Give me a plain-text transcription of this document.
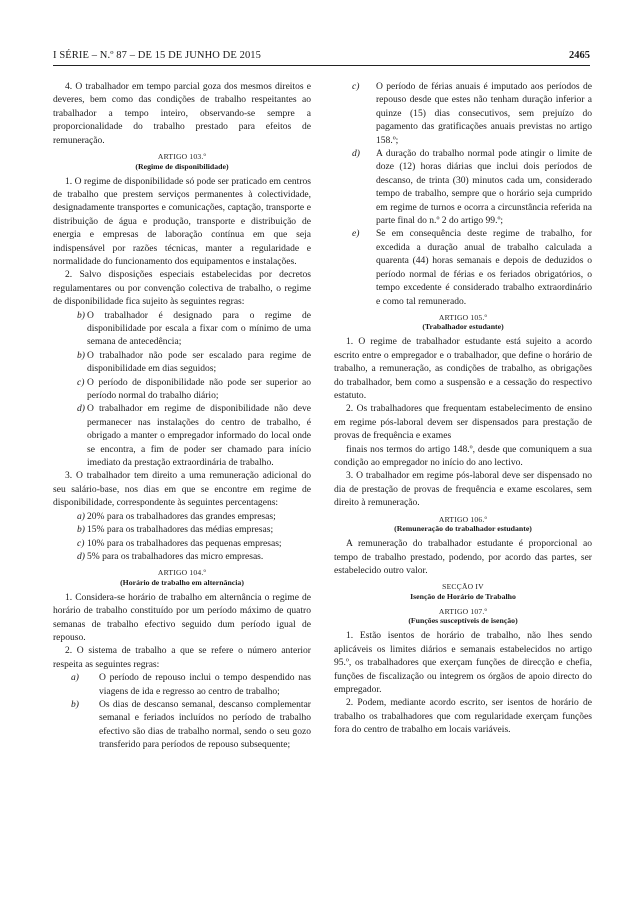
I SÉRIE – N.º 87 – DE 15 DE JUNHO DE 2015	2465

4. O trabalhador em tempo parcial goza dos mesmos direitos e deveres, bem como das condições de trabalho respeitantes ao trabalhador a tempo inteiro, observando-se sempre a proporcionalidade do trabalho prestado para efeitos de remuneração.

ARTIGO 103.º
(Regime de disponibilidade)

1. O regime de disponibilidade só pode ser praticado em centros de trabalho que prestem serviços permanentes à colectividade, designadamente transportes e comunicações, captação, transporte e distribuição de água e produção, transporte e distribuição de energia e empresas de laboração contínua em que seja indispensável por razões técnicas, manter a regularidade e normalidade do funcionamento dos equipamentos e instalações.

2. Salvo disposições especiais estabelecidas por decretos regulamentares ou por convenção colectiva de trabalho, o regime de disponibilidade fica sujeito às seguintes regras:

b) O trabalhador é designado para o regime de disponibilidade por escala a fixar com o mínimo de uma semana de antecedência;
b) O trabalhador não pode ser escalado para regime de disponibilidade em dias seguidos;
c) O período de disponibilidade não pode ser superior ao período normal do trabalho diário;
d) O trabalhador em regime de disponibilidade não deve permanecer nas instalações do centro de trabalho, é obrigado a manter o empregador informado do local onde se encontra, a fim de poder ser chamado para início imediato da prestação extraordinária de trabalho.

3. O trabalhador tem direito a uma remuneração adicional do seu salário-base, nos dias em que se encontre em regime de disponibilidade, correspondente às seguintes percentagens:

a) 20% para os trabalhadores das grandes empresas;
b) 15% para os trabalhadores das médias empresas;
c) 10% para os trabalhadores das pequenas empresas;
d) 5% para os trabalhadores das micro empresas.
ARTIGO 104.º
(Horário de trabalho em alternância)

1. Considera-se horário de trabalho em alternância o regime de horário de trabalho constituído por um período máximo de quatro semanas de trabalho efectivo seguido dum período igual de repouso.

2. O sistema de trabalho a que se refere o número anterior respeita as seguintes regras:

a) O período de repouso inclui o tempo despendido nas viagens de ida e regresso ao centro de trabalho;
b) Os dias de descanso semanal, descanso complementar semanal e feriados incluídos no período de trabalho efectivo são dias de trabalho normal, sendo o seu gozo transferido para períodos de repouso subsequente;
c) O período de férias anuais é imputado aos períodos de repouso desde que estes não tenham duração inferior a quinze (15) dias consecutivos, sem prejuízo do pagamento das gratificações anuais previstas no artigo 158.º;
d) A duração do trabalho normal pode atingir o limite de doze (12) horas diárias que inclui dois períodos de descanso, de trinta (30) minutos cada um, considerado tempo de trabalho, sempre que o horário seja cumprido em regime de turnos e ocorra a circunstância referida na parte final do n.º 2 do artigo 99.º;
e) Se em consequência deste regime de trabalho, for excedida a duração anual de trabalho calculada a quarenta (44) horas semanais e depois de deduzidos o período normal de férias e os feriados obrigatórios, o tempo excedente é considerado trabalho extraordinário e como tal remunerado.
ARTIGO 105.º
(Trabalhador estudante)

1. O regime de trabalhador estudante está sujeito a acordo escrito entre o empregador e o trabalhador, que define o horário de trabalho, a remuneração, as condições de trabalho, as obrigações do trabalhador, bem como a suspensão e a cessação do respectivo estatuto.

2. Os trabalhadores que frequentam estabelecimento de ensino em regime pós-laboral devem ser dispensados para prestação de provas de frequência e exames

finais nos termos do artigo 148.º, desde que comuniquem a sua condição ao empregador no início do ano lectivo.

3. O trabalhador em regime pós-laboral deve ser dispensado no dia de prestação de provas de frequência e exame escolares, sem direito à remuneração.

ARTIGO 106.º
(Remuneração do trabalhador estudante)

A remuneração do trabalhador estudante é proporcional ao tempo de trabalho prestado, podendo, por acordo das partes, ser estabelecido outro valor.

SECÇÃO IV
Isenção de Horário de Trabalho
ARTIGO 107.º
(Funções susceptíveis de isenção)

1. Estão isentos de horário de trabalho, não lhes sendo aplicáveis os limites diários e semanais estabelecidos no artigo 95.º, os trabalhadores que exerçam funções de direcção e chefia, funções de fiscalização ou integrem os órgãos de apoio directo do empregador.

2. Podem, mediante acordo escrito, ser isentos de horário de trabalho os trabalhadores que com regularidade exerçam funções fora do centro de trabalho em locais variáveis.
